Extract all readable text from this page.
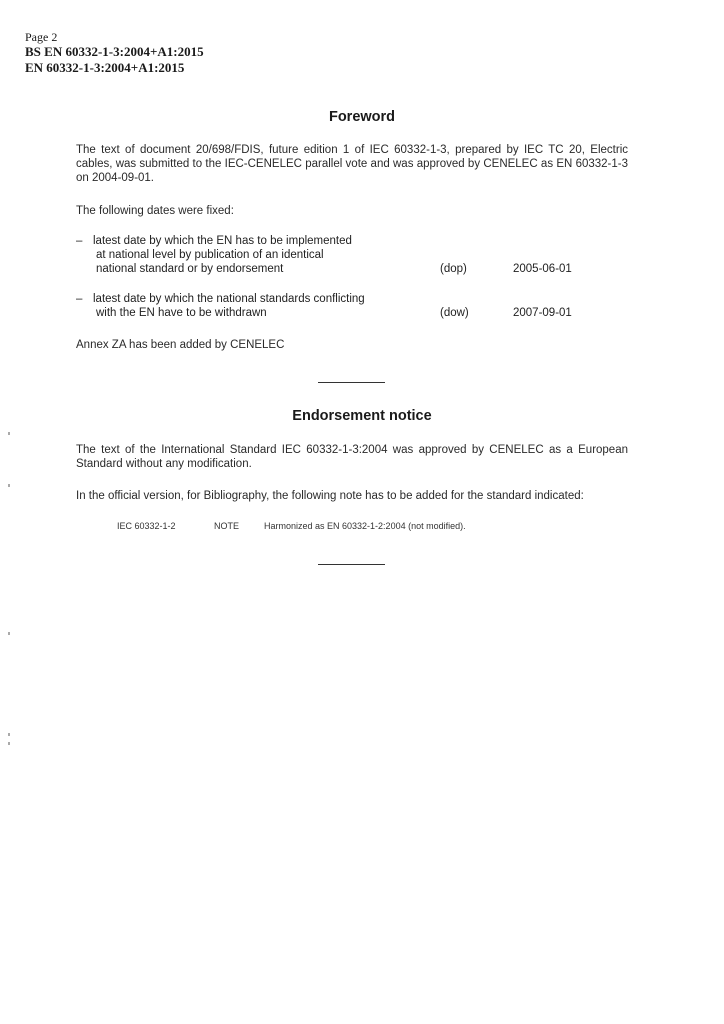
Page 2
BS EN 60332-1-3:2004+A1:2015
EN 60332-1-3:2004+A1:2015
Foreword
The text of document 20/698/FDIS, future edition 1 of IEC 60332-1-3, prepared by IEC TC 20, Electric cables, was submitted to the IEC-CENELEC parallel vote and was approved by CENELEC as EN 60332-1-3 on 2004-09-01.
The following dates were fixed:
– latest date by which the EN has to be implemented
at national level by publication of an identical
national standard or by endorsement	(dop)	2005-06-01
– latest date by which the national standards conflicting
with the EN have to be withdrawn	(dow)	2007-09-01
Annex ZA has been added by CENELEC
Endorsement notice
The text of the International Standard IEC 60332-1-3:2004 was approved by CENELEC as a European Standard without any modification.
In the official version, for Bibliography, the following note has to be added for the standard indicated:
IEC 60332-1-2	NOTE	Harmonized as EN 60332-1-2:2004 (not modified).
